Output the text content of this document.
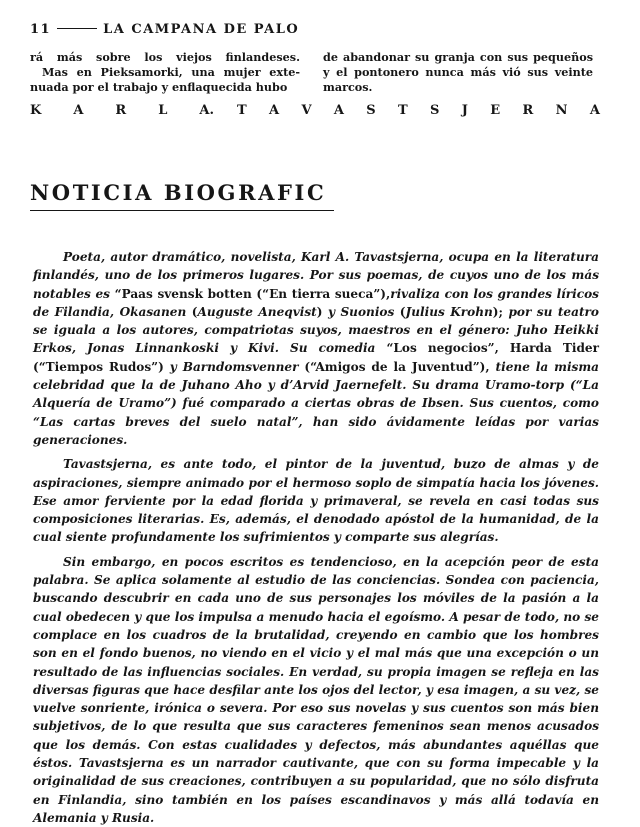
11	LA CAMPANA DE PALO

rá más sobre los viejos finlandeses.

Mas en Pieksamorki, una mujer exte-

nuada por el trabajo y enflaquecida hubo

de abandonar su granja con sus pequeños

y el pontonero nunca más vió sus veinte

marcos.

K A R L A. T A V A S T S J E R N A
NOTICIA BIOGRAFIC

Poeta, autor dramático, novelista, Karl A. Tavastsjerna, ocupa en la literatura finlandés, uno de los primeros lugares. Por sus poemas, de cuyos uno de los más notables es “Paas svensk botten (“En tierra sueca”),rivaliza con los grandes líricos de Filandia, Okasanen (Auguste Aneqvist) y Suonios (Julius Krohn); por su teatro se iguala a los autores, compatriotas suyos, maestros en el género: Juho Heikki Erkos, Jonas Linnankoski y Kivi. Su comedia “Los negocios”, Harda Tider (“Tiempos Rudos”) y Barndomsvenner (“Amigos de la Juventud”), tiene la misma celebridad que la de Juhano Aho y d’Arvid Jaernefelt. Su drama Uramo-torp (“La Alquería de Uramo”) fué comparado a ciertas obras de Ibsen. Sus cuentos, como “Las cartas breves del suelo natal”, han sido ávidamente leídas por varias generaciones.

Tavastsjerna, es ante todo, el pintor de la juventud, buzo de almas y de aspiraciones, siempre animado por el hermoso soplo de simpatía hacia los jóvenes. Ese amor ferviente por la edad florida y primaveral, se revela en casi todas sus composiciones literarias. Es, además, el denodado apóstol de la humanidad, de la cual siente profundamente los sufrimientos y comparte sus alegrías.

Sin embargo, en pocos escritos es tendencioso, en la acepción peor de esta palabra. Se aplica solamente al estudio de las conciencias. Sondea con paciencia, buscando descubrir en cada uno de sus personajes los móviles de la pasión a la cual obedecen y que los impulsa a menudo hacia el egoísmo. A pesar de todo, no se complace en los cuadros de la brutalidad, creyendo en cambio que los hombres son en el fondo buenos, no viendo en el vicio y el mal más que una excepción o un resultado de las influencias sociales. En verdad, su propia imagen se refleja en las diversas figuras que hace desfilar ante los ojos del lector, y esa imagen, a su vez, se vuelve sonriente, irónica o severa. Por eso sus novelas y sus cuentos son más bien subjetivos, de lo que resulta que sus caracteres femeninos sean menos acusados que los demás. Con estas cualidades y defectos, más abundantes aquéllas que éstos. Tavastsjerna es un narrador cautivante, que con su forma impecable y la originalidad de sus creaciones, contribuyen a su popularidad, que no sólo disfruta en Finlandia, sino también en los países escandinavos y más allá todavía en Alemania y Rusia.
